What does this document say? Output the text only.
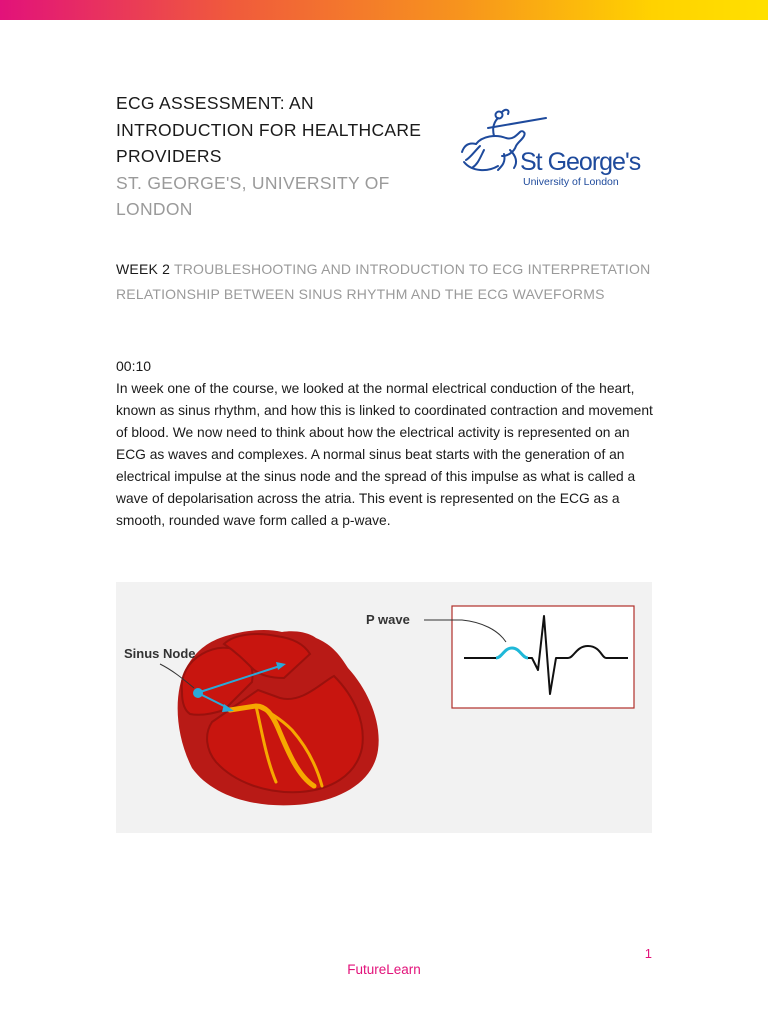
ECG ASSESSMENT: AN INTRODUCTION FOR HEALTHCARE PROVIDERS
ST. GEORGE'S, UNIVERSITY OF LONDON
St George's
University of London
WEEK 2 TROUBLESHOOTING AND INTRODUCTION TO ECG INTERPRETATION
RELATIONSHIP BETWEEN SINUS RHYTHM AND THE ECG WAVEFORMS
00:10

In week one of the course, we looked at the normal electrical conduction of the heart, known as sinus rhythm, and how this is linked to coordinated contraction and movement of blood. We now need to think about how the electrical activity is represented on an ECG as waves and complexes. A normal sinus beat starts with the generation of an electrical impulse at the sinus node and the spread of this impulse as what is called a wave of depolarisation across the atria. This event is represented on the ECG as a smooth, rounded wave form called a p-wave.

Sinus Node
P wave
1
FutureLearn
